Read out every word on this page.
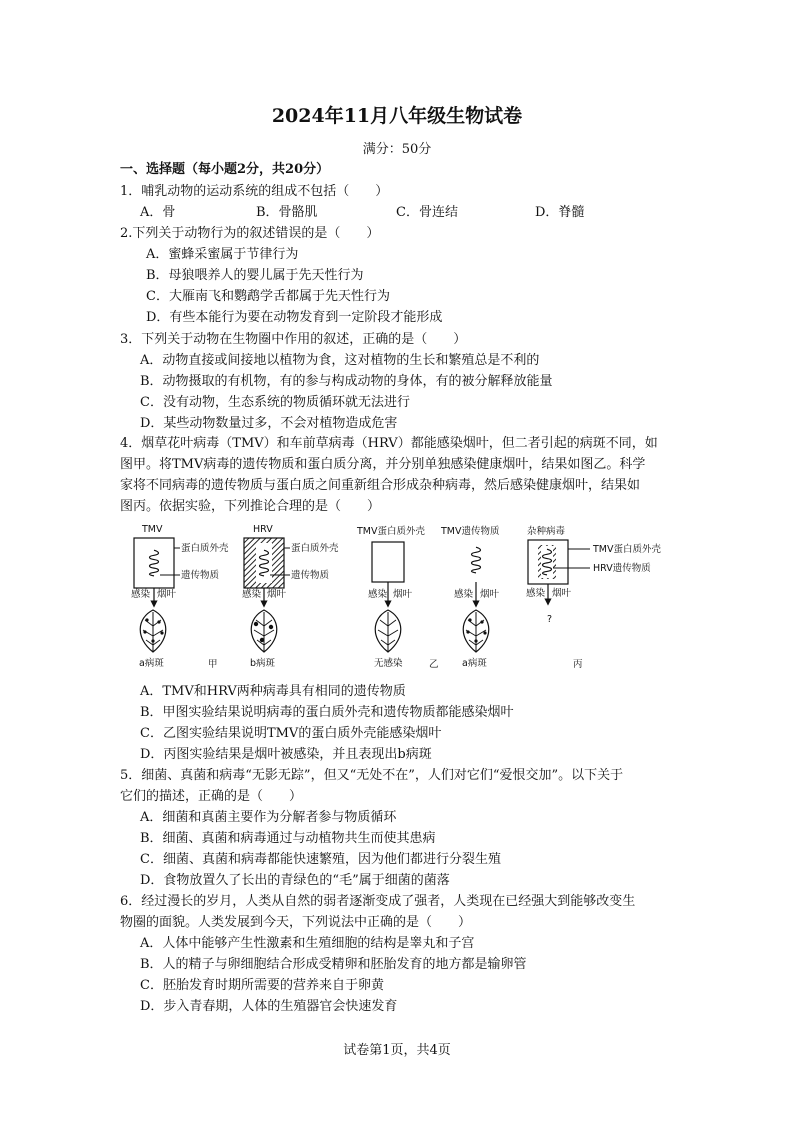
2024年11月八年级生物试卷
满分：50分
一、选择题（每小题2分，共20分）
1．哺乳动物的运动系统的组成不包括（　　）
A．骨	B．骨骼肌	C．骨连结	D．脊髓
2.下列关于动物行为的叙述错误的是（　　）
A．蜜蜂采蜜属于节律行为
B．母狼喂养人的婴儿属于先天性行为
C．大雁南飞和鹦鹉学舌都属于先天性行为
D．有些本能行为要在动物发育到一定阶段才能形成
3．下列关于动物在生物圈中作用的叙述，正确的是（　　）
A．动物直接或间接地以植物为食，这对植物的生长和繁殖总是不利的
B．动物摄取的有机物，有的参与构成动物的身体，有的被分解释放能量
C．没有动物，生态系统的物质循环就无法进行
D．某些动物数量过多，不会对植物造成危害
4．烟草花叶病毒（TMV）和车前草病毒（HRV）都能感染烟叶，但二者引起的病斑不同，如
图甲。将TMV病毒的遗传物质和蛋白质分离，并分别单独感染健康烟叶，结果如图乙。科学
家将不同病毒的遗传物质与蛋白质之间重新组合形成杂种病毒，然后感染健康烟叶，结果如
图丙。依据实验，下列推论合理的是（　　）
TMV
蛋白质外壳
遗传物质
感染 烟叶
a病斑
HRV
蛋白质外壳
遗传物质
感染 烟叶
b病斑
甲
TMV蛋白质外壳
感染 烟叶
无感染	乙
TMV遗传物质
感染 烟叶
a病斑
杂种病毒
TMV蛋白质外壳
HRV遗传物质
感染 烟叶
?
丙
A．TMV和HRV两种病毒具有相同的遗传物质
B．甲图实验结果说明病毒的蛋白质外壳和遗传物质都能感染烟叶
C．乙图实验结果说明TMV的蛋白质外壳能感染烟叶
D．丙图实验结果是烟叶被感染，并且表现出b病斑
5．细菌、真菌和病毒“无影无踪”，但又“无处不在”，人们对它们“爱恨交加”。以下关于
它们的描述，正确的是（　　）
A．细菌和真菌主要作为分解者参与物质循环
B．细菌、真菌和病毒通过与动植物共生而使其患病
C．细菌、真菌和病毒都能快速繁殖，因为他们都进行分裂生殖
D．食物放置久了长出的青绿色的“毛”属于细菌的菌落
6．经过漫长的岁月，人类从自然的弱者逐渐变成了强者，人类现在已经强大到能够改变生
物圈的面貌。人类发展到今天，下列说法中正确的是（　　）
A．人体中能够产生性激素和生殖细胞的结构是睾丸和子宫
B．人的精子与卵细胞结合形成受精卵和胚胎发育的地方都是输卵管
C．胚胎发育时期所需要的营养来自于卵黄
D．步入青春期，人体的生殖器官会快速发育
试卷第1页，共4页
